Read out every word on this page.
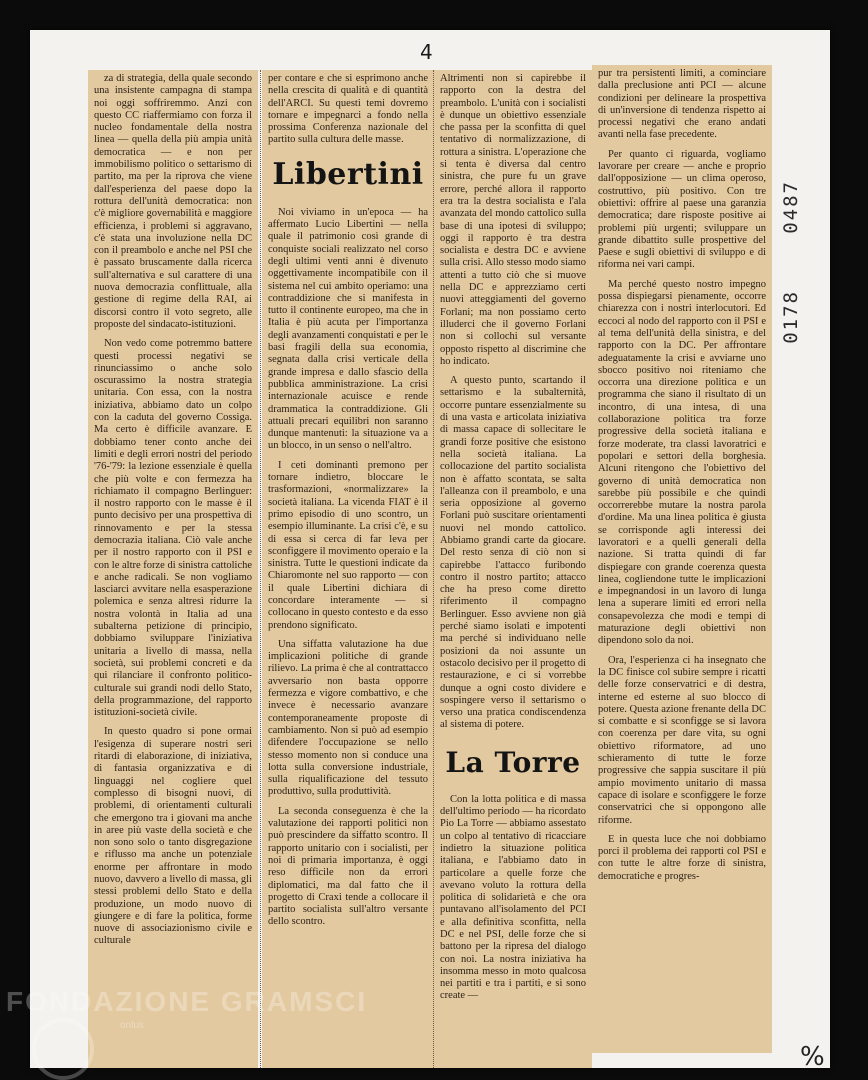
4

za di strategia, della quale secondo una insistente campagna di stampa noi oggi soffriremmo. Anzi con questo CC riaffermiamo con forza il nucleo fondamentale della nostra linea — quella della più ampia unità democratica — e non per immobilismo politico o settarismo di partito, ma per la riprova che viene dall'esperienza del paese dopo la rottura dell'unità democratica: non c'è migliore governabilità e maggiore efficienza, i problemi si aggravano, c'è stata una involuzione nella DC con il preambolo e anche nel PSI che è passato bruscamente dalla ricerca sull'alternativa e sul carattere di una nuova democrazia conflittuale, alla gestione di regime della RAI, ai discorsi contro il voto segreto, alle proposte del sindacato-istituzioni.

Non vedo come potremmo battere questi processi negativi se rinunciassimo o anche solo oscurassimo la nostra strategia unitaria. Con essa, con la nostra iniziativa, abbiamo dato un colpo con la caduta del governo Cossiga. Ma certo è difficile avanzare. E dobbiamo tener conto anche dei limiti e degli errori nostri del periodo '76-'79: la lezione essenziale è quella che più volte e con fermezza ha richiamato il compagno Berlinguer: il nostro rapporto con le masse è il punto decisivo per una prospettiva di rinnovamento e per la stessa democrazia italiana. Ciò vale anche per il nostro rapporto con il PSI e con le altre forze di sinistra cattoliche e anche radicali. Se non vogliamo lasciarci avvitare nella esasperazione polemica e senza altresì ridurre la nostra volontà in Italia ad una subalterna petizione di principio, dobbiamo sviluppare l'iniziativa unitaria a livello di massa, nella società, sui problemi concreti e da qui rilanciare il confronto politico-culturale sui grandi nodi dello Stato, della programmazione, del rapporto istituzioni-società civile.

In questo quadro si pone ormai l'esigenza di superare nostri seri ritardi di elaborazione, di iniziativa, di fantasia organizzativa e di linguaggi nel cogliere quel complesso di bisogni nuovi, di problemi, di orientamenti culturali che emergono tra i giovani ma anche in aree più vaste della società e che non sono solo o tanto disgregazione e riflusso ma anche un potenziale enorme per affrontare in modo nuovo, davvero a livello di massa, gli stessi problemi dello Stato e della produzione, un modo nuovo di giungere e di fare la politica, forme nuove di associazionismo civile e culturale

per contare e che si esprimono anche nella crescita di qualità e di quantità dell'ARCI. Su questi temi dovremo tornare e impegnarci a fondo nella prossima Conferenza nazionale del partito sulla cultura delle masse.

Libertini

Noi viviamo in un'epoca — ha affermato Lucio Libertini — nella quale il patrimonio così grande di conquiste sociali realizzato nel corso degli ultimi venti anni è divenuto oggettivamente incompatibile con il sistema nel cui ambito operiamo: una contraddizione che si manifesta in tutto il continente europeo, ma che in Italia è più acuta per l'importanza degli avanzamenti conquistati e per le basi fragili della sua economia, segnata dalla crisi verticale della grande impresa e dallo sfascio della pubblica amministrazione. La crisi internazionale acuisce e rende drammatica la contraddizione. Gli attuali precari equilibri non saranno dunque mantenuti: la situazione va a un blocco, in un senso o nell'altro.

I ceti dominanti premono per tornare indietro, bloccare le trasformazioni, «normalizzare» la società italiana. La vicenda FIAT è il primo episodio di uno scontro, un esempio illuminante. La crisi c'è, e su di essa si cerca di far leva per sconfiggere il movimento operaio e la sinistra. Tutte le questioni indicate da Chiaromonte nel suo rapporto — con il quale Libertini dichiara di concordare interamente — si collocano in questo contesto e da esso prendono significato.

Una siffatta valutazione ha due implicazioni politiche di grande rilievo. La prima è che al contrattacco avversario non basta opporre fermezza e vigore combattivo, e che invece è necessario avanzare contemporaneamente proposte di cambiamento. Non si può ad esempio difendere l'occupazione se nello stesso momento non si conduce una lotta sulla conversione industriale, sulla riqualificazione del tessuto produttivo, sulla produttività.

La seconda conseguenza è che la valutazione dei rapporti politici non può prescindere da siffatto scontro. Il rapporto unitario con i socialisti, per noi di primaria importanza, è oggi reso difficile non da errori diplomatici, ma dal fatto che il progetto di Craxi tende a collocare il partito socialista sull'altro versante dello scontro.

Altrimenti non si capirebbe il rapporto con la destra del preambolo. L'unità con i socialisti è dunque un obiettivo essenziale che passa per la sconfitta di quel tentativo di normalizzazione, di rottura a sinistra. L'operazione che si tenta è diversa dal centro sinistra, che pure fu un grave errore, perché allora il rapporto era tra la destra socialista e l'ala avanzata del mondo cattolico sulla base di una ipotesi di sviluppo; oggi il rapporto è tra destra socialista e destra DC e avviene sulla crisi. Allo stesso modo siamo attenti a tutto ciò che si muove nella DC e apprezziamo certi nuovi atteggiamenti del governo Forlani; ma non possiamo certo illuderci che il governo Forlani non si collochi sul versante opposto rispetto al discrimine che ho indicato.

A questo punto, scartando il settarismo e la subalternità, occorre puntare essenzialmente su di una vasta e articolata iniziativa di massa capace di sollecitare le grandi forze positive che esistono nella società italiana. La collocazione del partito socialista non è affatto scontata, se salta l'alleanza con il preambolo, e una seria opposizione al governo Forlani può suscitare orientamenti nuovi nel mondo cattolico. Abbiamo grandi carte da giocare. Del resto senza di ciò non si capirebbe l'attacco furibondo contro il nostro partito; attacco che ha preso come diretto riferimento il compagno Berlinguer. Esso avviene non già perché siamo isolati e impotenti ma perché si individuano nelle posizioni da noi assunte un ostacolo decisivo per il progetto di restaurazione, e ci si vorrebbe dunque a ogni costo dividere e sospingere verso il settarismo o verso una pratica condiscendenza al sistema di potere.

La Torre

Con la lotta politica e di massa dell'ultimo periodo — ha ricordato Pio La Torre — abbiamo assestato un colpo al tentativo di ricacciare indietro la situazione politica italiana, e l'abbiamo dato in particolare a quelle forze che avevano voluto la rottura della politica di solidarietà e che ora puntavano all'isolamento del PCI e alla definitiva sconfitta, nella DC e nel PSI, delle forze che si battono per la ripresa del dialogo con noi. La nostra iniziativa ha insomma messo in moto qualcosa nei partiti e tra i partiti, e si sono create —

pur tra persistenti limiti, a cominciare dalla preclusione anti PCI — alcune condizioni per delineare la prospettiva di un'inversione di tendenza rispetto ai processi negativi che erano andati avanti nella fase precedente.

Per quanto ci riguarda, vogliamo lavorare per creare — anche e proprio dall'opposizione — un clima operoso, costruttivo, più positivo. Con tre obiettivi: offrire al paese una garanzia democratica; dare risposte positive ai problemi più urgenti; sviluppare un grande dibattito sulle prospettive del Paese e sugli obiettivi di sviluppo e di riforma nei vari campi.

Ma perché questo nostro impegno possa dispiegarsi pienamente, occorre chiarezza con i nostri interlocutori. Ed eccoci al nodo del rapporto con il PSI e al tema dell'unità della sinistra, e del rapporto con la DC. Per affrontare adeguatamente la crisi e avviarne uno sbocco positivo noi riteniamo che occorra una direzione politica e un programma che siano il risultato di un incontro, di una intesa, di una collaborazione politica tra forze progressive della società italiana e forze moderate, tra classi lavoratrici e popolari e settori della borghesia. Alcuni ritengono che l'obiettivo del governo di unità democratica non sarebbe più possibile e che quindi occorrerebbe mutare la nostra parola d'ordine. Ma una linea politica è giusta se corrisponde agli interessi dei lavoratori e a quelli generali della nazione. Si tratta quindi di far dispiegare con grande coerenza questa linea, cogliendone tutte le implicazioni e impegnandosi in un lavoro di lunga lena a superare limiti ed errori nella consapevolezza che modi e tempi di maturazione degli obiettivi non dipendono solo da noi.

Ora, l'esperienza ci ha insegnato che la DC finisce col subire sempre i ricatti delle forze conservatrici e di destra, interne ed esterne al suo blocco di potere. Questa azione frenante della DC si combatte e si sconfigge se si lavora con coerenza per dare vita, su ogni obiettivo riformatore, ad uno schieramento di tutte le forze progressive che sappia suscitare il più ampio movimento unitario di massa capace di isolare e sconfiggere le forze conservatrici che si oppongono alle riforme.

E in questa luce che noi dobbiamo porci il problema dei rapporti col PSI e con tutte le altre forze di sinistra, democratiche e progres-

0487
0178
%
FONDAZIONE GRAMSCI
onlus
